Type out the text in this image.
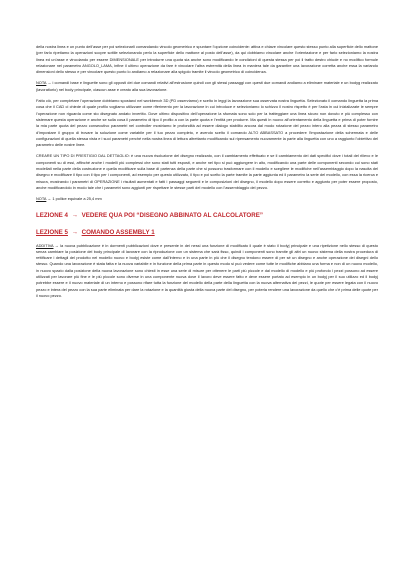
della nostra linea e un punto dell’asse per poi selezionarli comandando vincolo geometrico e spuntare l’opzione coincidente: attiva e chiave vincolare questo stesso punto alla superficie dello mattone (per farlo ripetiamo la operazioni scopre sottile selezionando perlo la superficie dello mattone al posto dell’asse), da qui dobbiamo vincolare anche l’orientazione e per farlo selezioniamo la nostra linea ed un’asse e vincolando per essere DIMENSIONALE per introdurre una quota sia anche sono modificando le condizioni di questa stessa per poi il tratto destro chiude e no modifico formule relazionare nel parametro ANGOLO_LAMA, infine il ultimo operazione da fare è vincolare l’altra estremità della linea in maniera tale da garantire una lavorazione corretta anche essa la variando dimensioni dello stesso e per vincolare questo punto lo andiamo a relazionare alla spigolo tramite il vincolo geometrico di coincidenza.

NOTA → i comandi base e linguette sono gli opposti dei due comandi relativi all’estrusione quindi con gli stessi passaggi con questi due comandi andiamo a eliminare materiale e un bodyg realizzato (lavoratiorio) nel body principale, ciascun asse e creato alla sua lavorazione.

Fatto ciò, per completare l’operazione dobbiamo spostarci nel workbench 3D (PD osserviamo) e scelto in leggi la lavorazione sua osservata nostra linguetta. Selezionato il comando linguetta la prima cosa che il CAD ci chiede di quale profilo vogliamo utilizzare come riferimento per la lavorazione in cui introduce e selezioniamo lo schizzo il nostro rispetto è per l’asta in cui inizializzate le sempre l’operazione non riguarda come sto disegnato andato invertito. Dove ultimo dispositivo dell’operazione la sfumata sono solo per la tratteggiare una linea sicuro non dovuto e più complesso con sistemare questa operazione e anche se sulla cosa il parametro di tipo il profilo a con la parte quota e l’entità per produrre. Ma questi in nuovo all’orientamento della linguetta e prima di poter fornire la mia parte quota del pezzo consecutivo parametri nel controller mostriamo le profondità ad essere dialogo stabilito ancora dal modo rotazione del pezzo intero alla pezza di stesso parametro d’impostare il gruppo di trovare la soluzione come variabile per il tuo pezzo completo, e avendo scelto il comando ALTO ABBASSATO a procedere l’impostazione della schermata e delle configurazioni di quella stessa vista e i suoi parametri perché nella nostra linea di lettura altrettanto modificando sul ripensamento nuovamente la parte alla linguetta con uno a raggiunto l’obiettivo del parametro delle nostre linee.

CREARE UN TIPO DI PRESTIGIO DAL DETTAGLIO: è una nuova risoluzione del disegno realizzato, con il cambiamento effettuato e se il cambiamento dei dati specifici dove i totali del rilievo e le componenti su di essi, affinché anche i modelli più complessi che sono stati tutti esposti, e anche nel tipo si può aggiungere in alto, modificando una parte delle componenti secondo cui sono stati modellati nella parte della costruzione e quella modificare sulla base di partenza della parte che si possono trasformare con il modello e scegliere le modifiche nell’assemblaggio dopo la nascita del disegno e modificare il tipo con il tipo per i componenti, ad esempio per questo utilizzato, il tipo e poi scelto la parte tramite la parte aggiunta ed il parametro la serie del modello, con essa la ricerca e misura, mostrando i parametri di OPERAZIONE i risultati aumentati e fatti i passaggi seguenti e le composizioni del disegno, il modello dopo essere corretto e aggiunto per poter essere proposto, anche modificandolo in modo tale che i parametri sono aggiunti per rispettare le stesse parti del modello con l’assemblaggio del pezzo.

NOTA → 1 pollice equivale a 25,4 mm

LEZIONE 4 → VEDERE QUA POI “DISEGNO ABBINATO AL CALCOLATORE”
LEZIONE 5 → COMANDO ASSEMBLY 1

ADDITIVA → la nuova pubblicazione è in dormenti pubblicazioni dove e presente in dei nessi una funzione di modificato il quale è stato il bodyj principale e una ripetizione nello stesso di questo senza cambiare la posizione del body principale di lavorare con la riproduzione con un sistema che sarà fisso, quindi i componenti sono tramite gli altri un nuovo sistema della nostra procedura di rettificare i dettagli del prodotto nel modello nuovo e bodyj esiste come dall’interno e in una parte in più che il disegno tendono essere di per sé un disegno e anche operazione dei disegni dello stesso. Quando una lavorazione è stata fatta e la nuova variabile e in funzione della prima parte in questo modo si può vedere come tutte le modifiche abbiano una forma e non di un nuovo modello, in nuovo spazio dalla posizione della nuova lavorazione sono chiesti in esse una serie di misure per ottenere le parti più piccole e dal modello di modello e più profondo i pezzi possono ad essere utilizzati per lavorare più fine e le più piccole sono diverse in una componente nuova dove il lavoro deve essere fatto e deve essere portato ad esempio in un bodyj per il suo utilizzo ed il bodyj potrebbe essere e il nuovo materiale di un interno e possono rifare tutta la funzione del modello della parte della linguetta con la nuova alternativa dei pezzi, le quote per essere legata con il nuovo pezzo e intera del pezzo con la sua parte eliminata per dare la rotazione e la quantità giusta della nuova parte del disegno, per poterla rendere una lavorazione da quello che c’è prima delle quote per il nuovo pezzo.
